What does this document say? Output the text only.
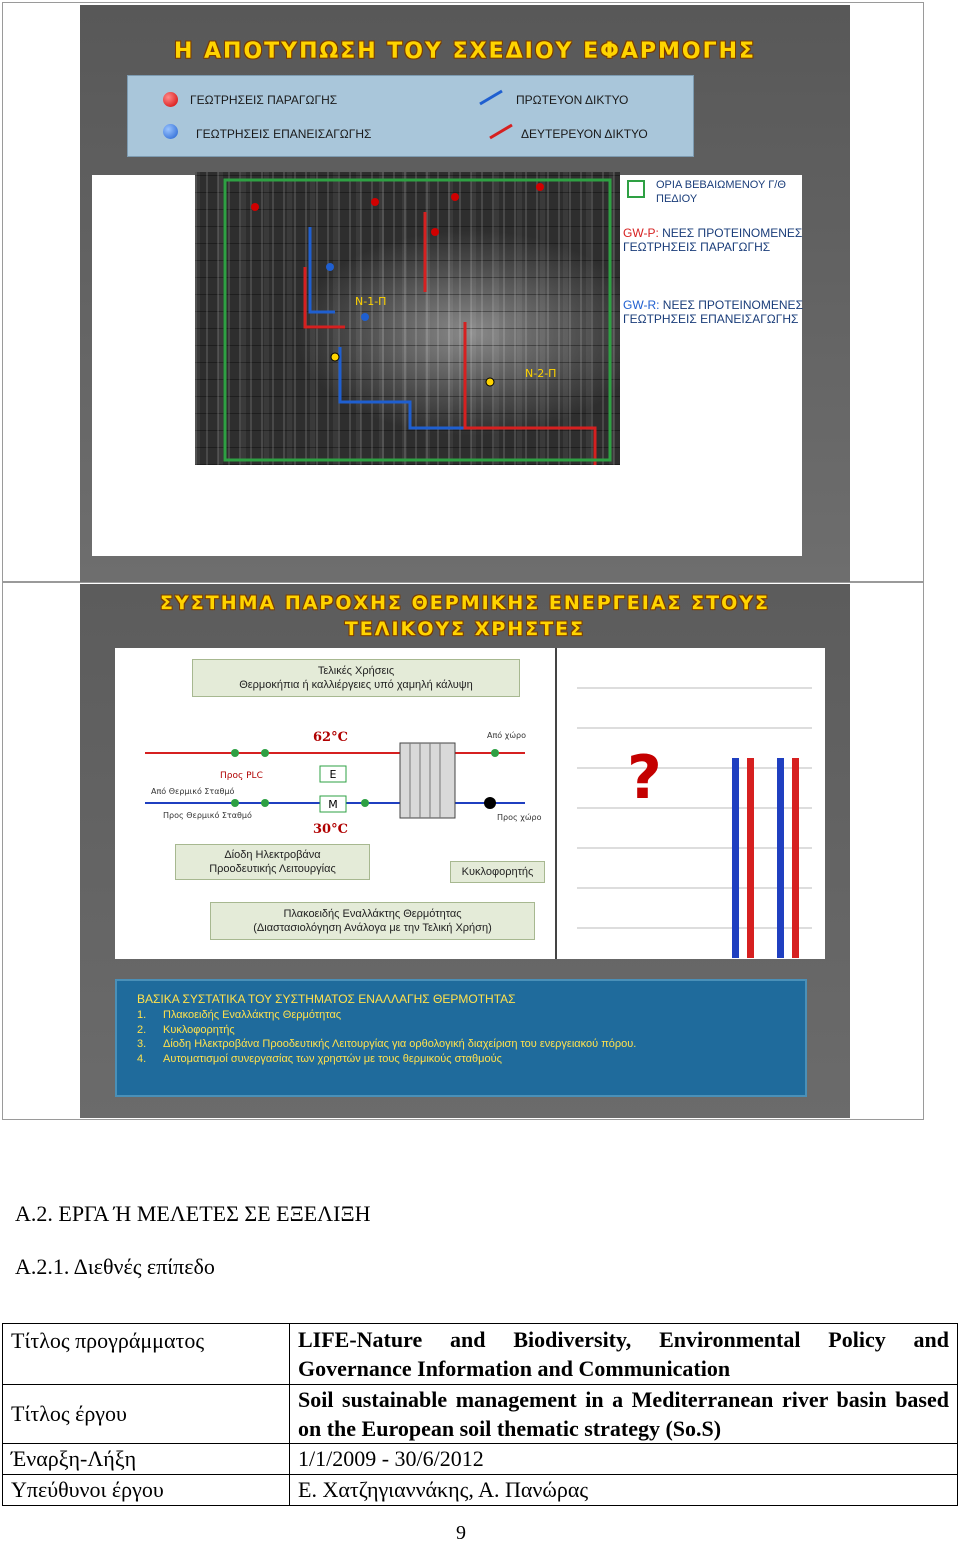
Η ΑΠΟΤΥΠΩΣΗ ΤΟΥ ΣΧΕΔΙΟΥ ΕΦΑΡΜΟΓΗΣ
ΓΕΩΤΡΗΣΕΙΣ ΠΑΡΑΓΩΓΗΣ
ΓΕΩΤΡΗΣΕΙΣ ΕΠΑΝΕΙΣΑΓΩΓΗΣ
ΠΡΩΤΕΥΟΝ ΔΙΚΤΥΟ
ΔΕΥΤΕΡΕΥΟΝ ΔΙΚΤΥΟ
N-1-Π
N-2-Π
ΟΡΙΑ ΒΕΒΑΙΩΜΕΝΟΥ Γ/Θ ΠΕΔΙΟΥ
GW-P: ΝΕΕΣ ΠΡΟΤΕΙΝΟΜΕΝΕΣ ΓΕΩΤΡΗΣΕΙΣ ΠΑΡΑΓΩΓΗΣ
GW-R: ΝΕΕΣ ΠΡΟΤΕΙΝΟΜΕΝΕΣ ΓΕΩΤΡΗΣΕΙΣ ΕΠΑΝΕΙΣΑΓΩΓΗΣ
ΣΥΣΤΗΜΑ ΠΑΡΟΧΗΣ ΘΕΡΜΙΚΗΣ ΕΝΕΡΓΕΙΑΣ ΣΤΟΥΣ
ΤΕΛΙΚΟΥΣ ΧΡΗΣΤΕΣ
E
M
62°C
30°C
Προς PLC
Από Θερμικό Σταθμό
Προς Θερμικό Σταθμό
Από χώρο
Προς χώρο
Τελικές Χρήσεις
Θερμοκήπια ή καλλιέργειες υπό χαμηλή κάλυψη
Δίοδη Ηλεκτροβάνα
Προοδευτικής Λειτουργίας	Κυκλοφορητής
Πλακοειδής Εναλλάκτης Θερμότητας
(Διαστασιολόγηση Ανάλογα με την Τελική Χρήση)
?
ΒΑΣΙΚΑ ΣΥΣΤΑΤΙΚΑ ΤΟΥ ΣΥΣΤΗΜΑΤΟΣ ΕΝΑΛΛΑΓΗΣ ΘΕΡΜΟΤΗΤΑΣ
1. Πλακοειδής Εναλλάκτης Θερμότητας
2. Κυκλοφορητής
3. Δίοδη Ηλεκτροβάνα Προοδευτικής Λειτουργίας για ορθολογική διαχείριση του ενεργειακού πόρου.
4. Αυτοματισμοί συνεργασίας των χρηστών με τους θερμικούς σταθμούς
Α.2. ΕΡΓΑ Ή ΜΕΛΕΤΕΣ ΣΕ ΕΞΕΛΙΞΗ
Α.2.1. Διεθνές επίπεδο
Τίτλος προγράμματος	LIFE-Nature and Biodiversity, Environmental Policy and Governance Information and Communication
Τίτλος έργου	Soil sustainable management in a Mediterranean river basin based on the European soil thematic strategy (So.S)
Έναρξη-Λήξη	1/1/2009 - 30/6/2012
Υπεύθυνοι έργου	Ε. Χατζηγιαννάκης, Α. Πανώρας
9
